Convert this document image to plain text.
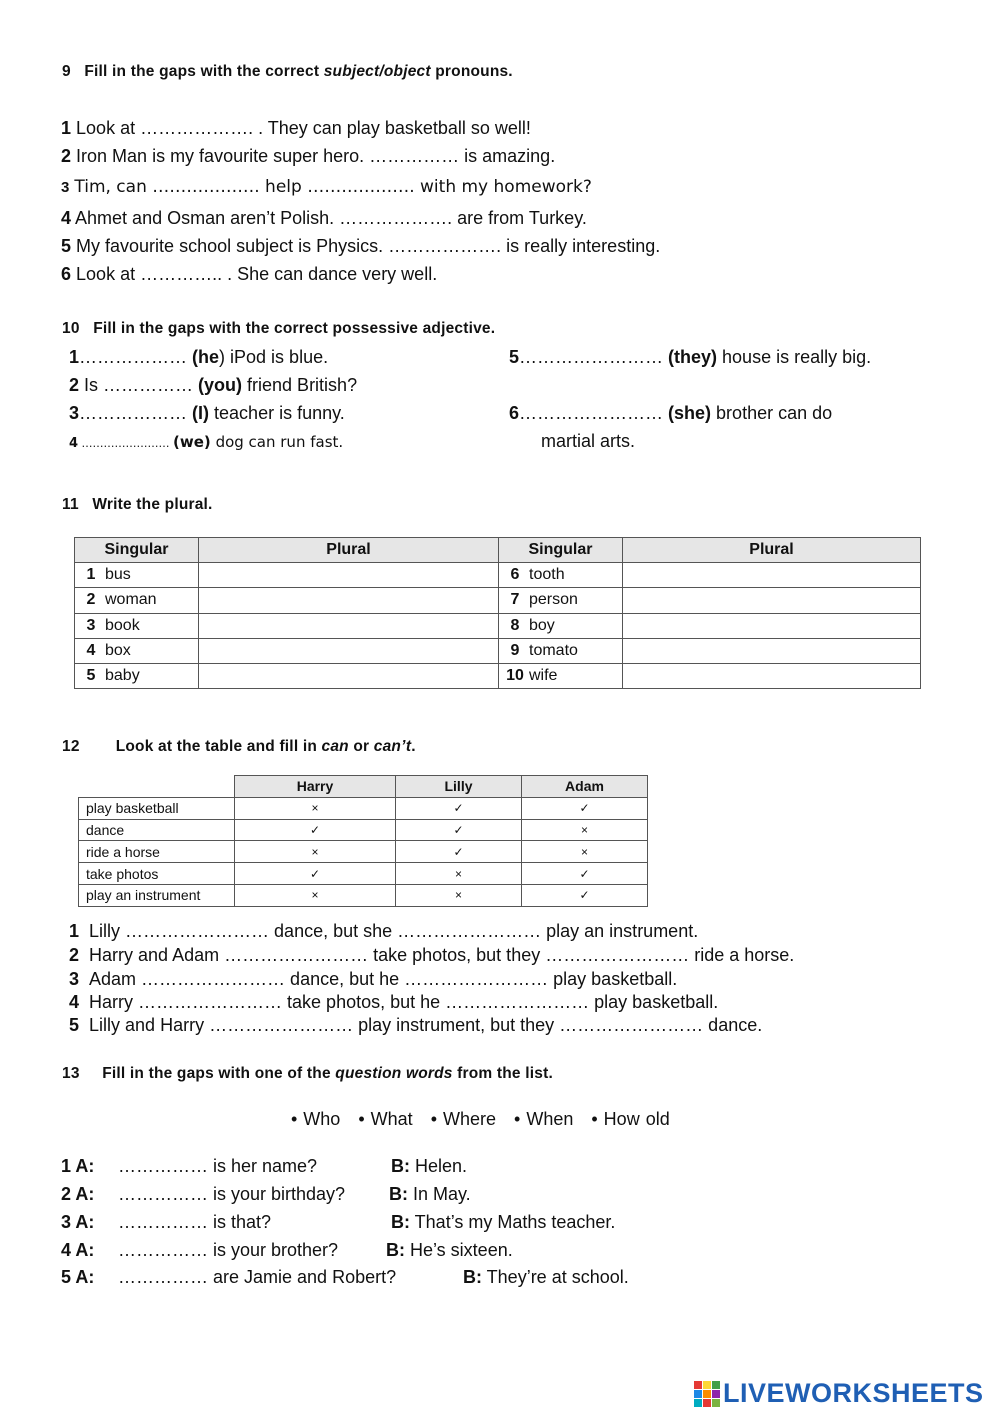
9 Fill in the gaps with the correct subject/object pronouns.
1 Look at ………………. . They can play basketball so well!
2 Iron Man is my favourite super hero. …………… is amazing.
3 Tim, can ………………. help ………………. with my homework?
4 Ahmet and Osman aren’t Polish. ………………. are from Turkey.
5 My favourite school subject is Physics. ………………. is really interesting.
6 Look at ………….. . She can dance very well.
10 Fill in the gaps with the correct possessive adjective.
1……………… (he) iPod is blue.
2 Is …………… (you) friend British?
3……………… (I) teacher is funny.
4 …………………… (we) dog can run fast.
5…………………… (they) house is really big.
6…………………… (she) brother can do
martial arts.
11 Write the plural.
Singular	Plural	Singular	Plural
1 bus		6 tooth	
2 woman		7 person	
3 book		8 boy	
4 box		9 tomato	
5 baby		10 wife	
12 Look at the table and fill in can or can’t.
	Harry	Lilly	Adam
play basketball	×	✓	✓
dance	✓	✓	×
ride a horse	×	✓	×
take photos	✓	×	✓
play an instrument	×	×	✓
1 Lilly …………………… dance, but she …………………… play an instrument.
2 Harry and Adam …………………… take photos, but they …………………… ride a horse.
3 Adam …………………… dance, but he …………………… play basketball.
4 Harry …………………… take photos, but he …………………… play basketball.
5 Lilly and Harry …………………… play instrument, but they …………………… dance.
13 Fill in the gaps with one of the question words from the list.
• Who • What • Where • When • How old
1 A: …………… is her name?	B: Helen.
2 A: …………… is your birthday? B: In May.
3 A: …………… is that?	B: That’s my Maths teacher.
4 A: …………… is your brother?	B: He’s sixteen.
5 A: …………… are Jamie and Robert?	B: They’re at school.
LIVEWORKSHEETS
